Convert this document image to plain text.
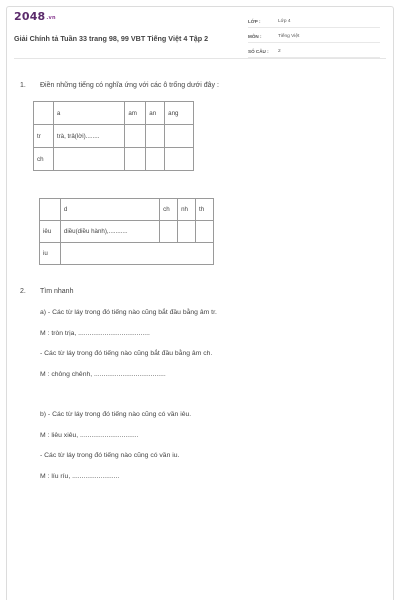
2048.vn
Giải Chính tả Tuần 33 trang 98, 99 VBT Tiếng Việt 4 Tập 2
LỚP :	Lớp 4
MÔN :	Tiếng Việt
SỐ CÂU :	2
1. Điền những tiếng có nghĩa ứng với các ô trống dưới đây :
	a	am	an	ang
tr	trà, trả(lời)........			
ch				
	d	ch	nh	th
iêu	diều(diều hành),...........			
iu				
2. Tìm nhanh
a) - Các từ láy trong đó tiếng nào cũng bắt đầu bằng âm tr.
M : tròn trịa, ......................................
- Các từ láy trong đó tiếng nào cũng bắt đầu bằng âm ch.
M : chông chênh, ......................................
b) - Các từ láy trong đó tiếng nào cũng có vần iêu.
M : liêu xiêu, ...............................
- Các từ láy trong đó tiếng nào cũng có vần iu.
M : líu ríu, .........................
